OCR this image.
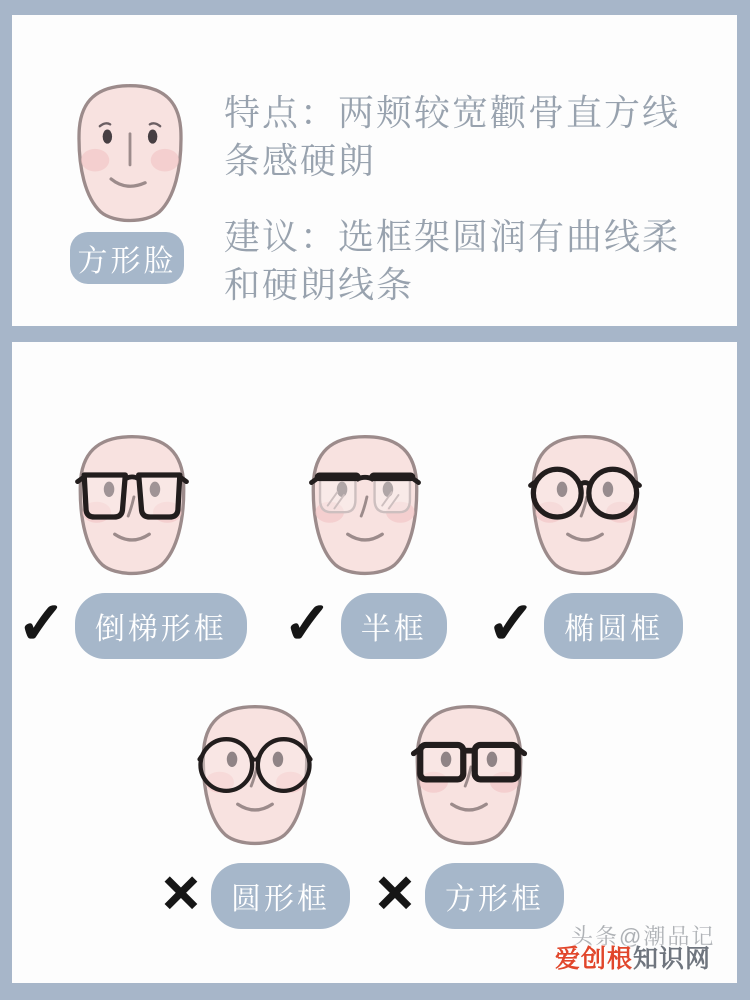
方形脸
特点：两颊较宽颧骨直方线条感硬朗
建议：选框架圆润有曲线柔和硬朗线条
✓ 倒梯形框 ✓ 半框	✓ 椭圆框
✕ 圆形框 ✕ 方形框
头条@潮品记
爱创根知识网
